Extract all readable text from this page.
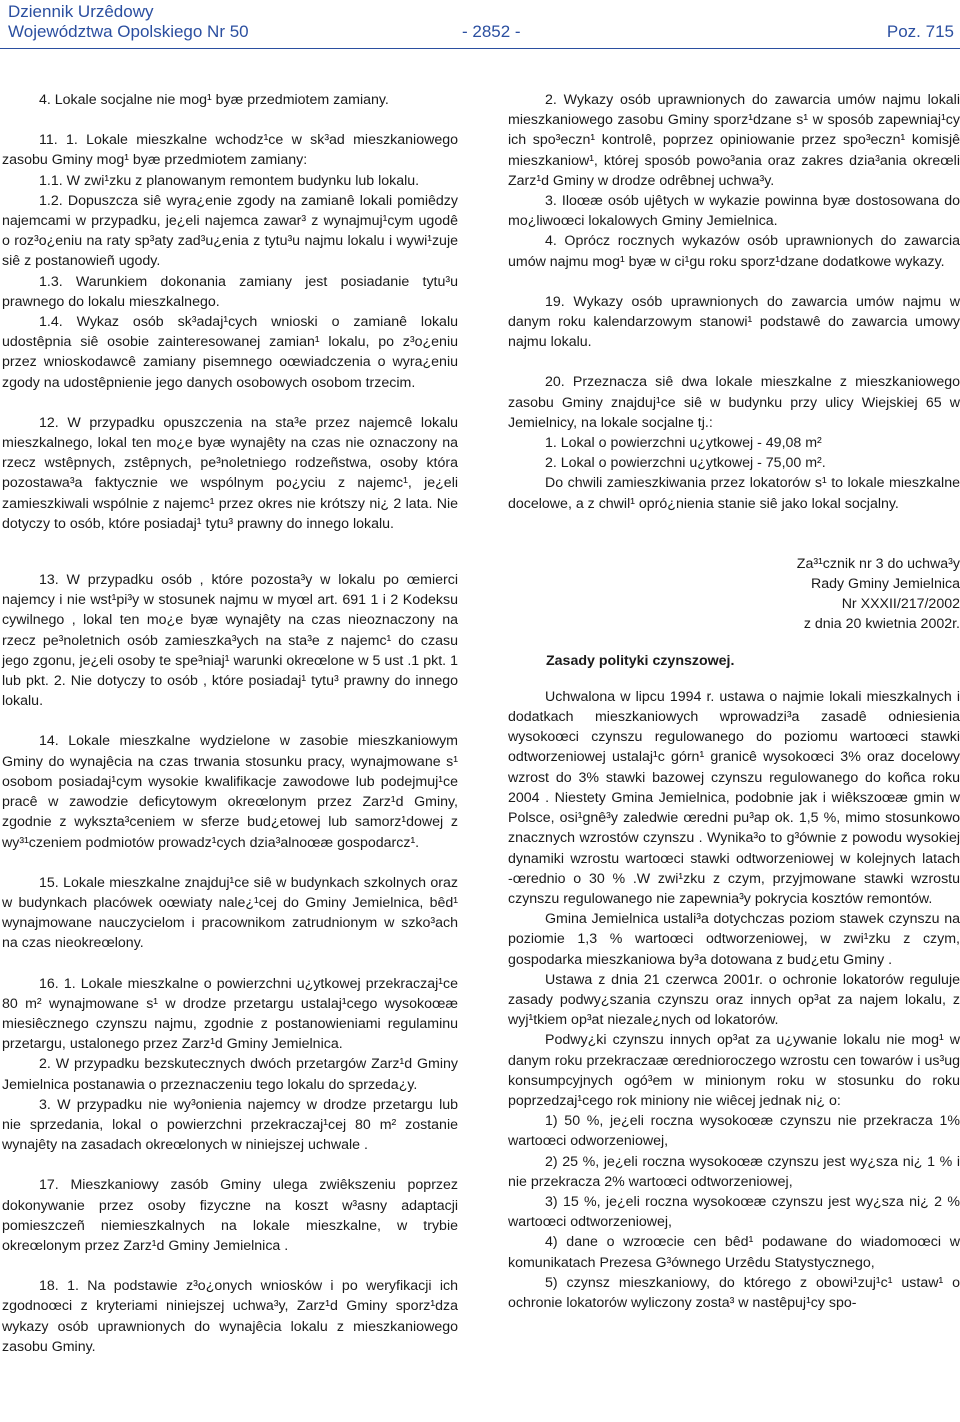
Dziennik Urzêdowy
Województwa Opolskiego Nr 50	- 2852 -	Poz. 715

4. Lokale socjalne nie mog¹ byæ przedmiotem zamiany.

11. 1. Lokale mieszkalne wchodz¹ce w sk³ad mieszkaniowego zasobu Gminy mog¹ byæ przedmiotem zamiany:

1.1. W zwi¹zku z planowanym remontem budynku lub lokalu.

1.2. Dopuszcza siê wyra¿enie zgody na zamianê lokali pomiêdzy najemcami w przypadku, je¿eli najemca zawar³ z wynajmuj¹cym ugodê o roz³o¿eniu na raty sp³aty zad³u¿enia z tytu³u najmu lokalu i wywi¹zuje siê z postanowieñ ugody.

1.3. Warunkiem dokonania zamiany jest posiadanie tytu³u prawnego do lokalu mieszkalnego.

1.4. Wykaz osób sk³adaj¹cych wnioski o zamianê lokalu udostêpnia siê osobie zainteresowanej zamian¹ lokalu, po z³o¿eniu przez wnioskodawcê zamiany pisemnego oœwiadczenia o wyra¿eniu zgody na udostêpnienie jego danych osobowych osobom trzecim.

12. W przypadku opuszczenia na sta³e przez najemcê lokalu mieszkalnego, lokal ten mo¿e byæ wynajêty na czas nie oznaczony na rzecz wstêpnych, zstêpnych, pe³noletniego rodzeñstwa, osoby która pozostawa³a faktycznie we wspólnym po¿yciu z najemc¹, je¿eli zamieszkiwali wspólnie z najemc¹ przez okres nie krótszy ni¿ 2 lata. Nie dotyczy to osób, które posiadaj¹ tytu³ prawny do innego lokalu.

13. W przypadku osób , które pozosta³y w lokalu po œmierci najemcy i nie wst¹pi³y w stosunek najmu w myœl art. 691 1 i 2 Kodeksu cywilnego , lokal ten mo¿e byæ wynajêty na czas nieoznaczony na rzecz pe³noletnich osób zamieszka³ych na sta³e z najemc¹ do czasu jego zgonu, je¿eli osoby te spe³niaj¹ warunki okreœlone w 5 ust .1 pkt. 1 lub pkt. 2. Nie dotyczy to osób , które posiadaj¹ tytu³ prawny do innego lokalu.

14. Lokale mieszkalne wydzielone w zasobie mieszkaniowym Gminy do wynajêcia na czas trwania stosunku pracy, wynajmowane s¹ osobom posiadaj¹cym wysokie kwalifikacje zawodowe lub podejmuj¹ce pracê w zawodzie deficytowym okreœlonym przez Zarz¹d Gminy, zgodnie z wykszta³ceniem w sferze bud¿etowej lub samorz¹dowej z wy³¹czeniem podmiotów prowadz¹cych dzia³alnoœæ gospodarcz¹.

15. Lokale mieszkalne znajduj¹ce siê w budynkach szkolnych oraz w budynkach placówek oœwiaty nale¿¹cej do Gminy Jemielnica, bêd¹ wynajmowane nauczycielom i pracownikom zatrudnionym w szko³ach na czas nieokreœlony.

16. 1. Lokale mieszkalne o powierzchni u¿ytkowej przekraczaj¹ce 80 m² wynajmowane s¹ w drodze przetargu ustalaj¹cego wysokoœæ miesiêcznego czynszu najmu, zgodnie z postanowieniami regulaminu przetargu, ustalonego przez Zarz¹d Gminy Jemielnica.

2. W przypadku bezskutecznych dwóch przetargów Zarz¹d Gminy Jemielnica postanawia o przeznaczeniu tego lokalu do sprzeda¿y.

3. W przypadku nie wy³onienia najemcy w drodze przetargu lub nie sprzedania, lokal o powierzchni przekraczaj¹cej 80 m² zostanie wynajêty na zasadach okreœlonych w niniejszej uchwale .

17. Mieszkaniowy zasób Gminy ulega zwiêkszeniu poprzez dokonywanie przez osoby fizyczne na koszt w³asny adaptacji pomieszczeñ niemieszkalnych na lokale mieszkalne, w trybie okreœlonym przez Zarz¹d Gminy Jemielnica .

18. 1. Na podstawie z³o¿onych wniosków i po weryfikacji ich zgodnoœci z kryteriami niniejszej uchwa³y, Zarz¹d Gminy sporz¹dza wykazy osób uprawnionych do wynajêcia lokalu z mieszkaniowego zasobu Gminy.

2. Wykazy osób uprawnionych do zawarcia umów najmu lokali mieszkaniowego zasobu Gminy sporz¹dzane s¹ w sposób zapewniaj¹cy ich spo³eczn¹ kontrolê, poprzez opiniowanie przez spo³eczn¹ komisjê mieszkaniow¹, której sposób powo³ania oraz zakres dzia³ania okreœli Zarz¹d Gminy w drodze odrêbnej uchwa³y.

3. Iloœæ osób ujêtych w wykazie powinna byæ dostosowana do mo¿liwoœci lokalowych Gminy Jemielnica.

4. Oprócz rocznych wykazów osób uprawnionych do zawarcia umów najmu mog¹ byæ w ci¹gu roku sporz¹dzane dodatkowe wykazy.

19. Wykazy osób uprawnionych do zawarcia umów najmu w danym roku kalendarzowym stanowi¹ podstawê do zawarcia umowy najmu lokalu.

20. Przeznacza siê dwa lokale mieszkalne z mieszkaniowego zasobu Gminy znajduj¹ce siê w budynku przy ulicy Wiejskiej 65 w Jemielnicy, na lokale socjalne tj.:

1. Lokal o powierzchni u¿ytkowej - 49,08 m²

2. Lokal o powierzchni u¿ytkowej - 75,00 m².

Do chwili zamieszkiwania przez lokatorów s¹ to lokale mieszkalne docelowe, a z chwil¹ opró¿nienia stanie siê jako lokal socjalny.

Za³¹cznik nr 3 do uchwa³y
Rady Gminy Jemielnica
Nr XXXII/217/2002
z dnia 20 kwietnia 2002r.
Zasady polityki czynszowej.

Uchwalona w lipcu 1994 r. ustawa o najmie lokali mieszkalnych i dodatkach mieszkaniowych wprowadzi³a zasadê odniesienia wysokoœci czynszu regulowanego do poziomu wartoœci stawki odtworzeniowej ustalaj¹c górn¹ granicê wysokoœci 3% oraz docelowy wzrost do 3% stawki bazowej czynszu regulowanego do koñca roku 2004 . Niestety Gmina Jemielnica, podobnie jak i wiêkszoœæ gmin w Polsce, osi¹gnê³y zaledwie œredni pu³ap ok. 1,5 %, mimo stosunkowo znacznych wzrostów czynszu . Wynika³o to g³ównie z powodu wysokiej dynamiki wzrostu wartoœci stawki odtworzeniowej w kolejnych latach -œrednio o 30 % .W zwi¹zku z czym, przyjmowane stawki wzrostu czynszu regulowanego nie zapewnia³y pokrycia kosztów remontów.

Gmina Jemielnica ustali³a dotychczas poziom stawek czynszu na poziomie 1,3 % wartoœci odtworzeniowej, w zwi¹zku z czym, gospodarka mieszkaniowa by³a dotowana z bud¿etu Gminy .

Ustawa z dnia 21 czerwca 2001r. o ochronie lokatorów reguluje zasady podwy¿szania czynszu oraz innych op³at za najem lokalu, z wyj¹tkiem op³at niezale¿nych od lokatorów.

Podwy¿ki czynszu innych op³at za u¿ywanie lokalu nie mog¹ w danym roku przekraczaæ œrednioroczego wzrostu cen towarów i us³ug konsumpcyjnych ogó³em w minionym roku w stosunku do roku poprzedzaj¹cego rok miniony nie wiêcej jednak ni¿ o:

1) 50 %, je¿eli roczna wysokoœæ czynszu nie przekracza 1% wartoœci odworzeniowej,

2) 25 %, je¿eli roczna wysokoœæ czynszu jest wy¿sza ni¿ 1 % i nie przekracza 2% wartoœci odtworzeniowej,

3) 15 %, je¿eli roczna wysokoœæ czynszu jest wy¿sza ni¿ 2 % wartoœci odtworzeniowej,

4) dane o wzroœcie cen bêd¹ podawane do wiadomoœci w komunikatach Prezesa G³ównego Urzêdu Statystycznego,

5) czynsz mieszkaniowy, do którego z obowi¹zuj¹c¹ ustaw¹ o ochronie lokatorów wyliczony zosta³ w nastêpuj¹cy spo-
